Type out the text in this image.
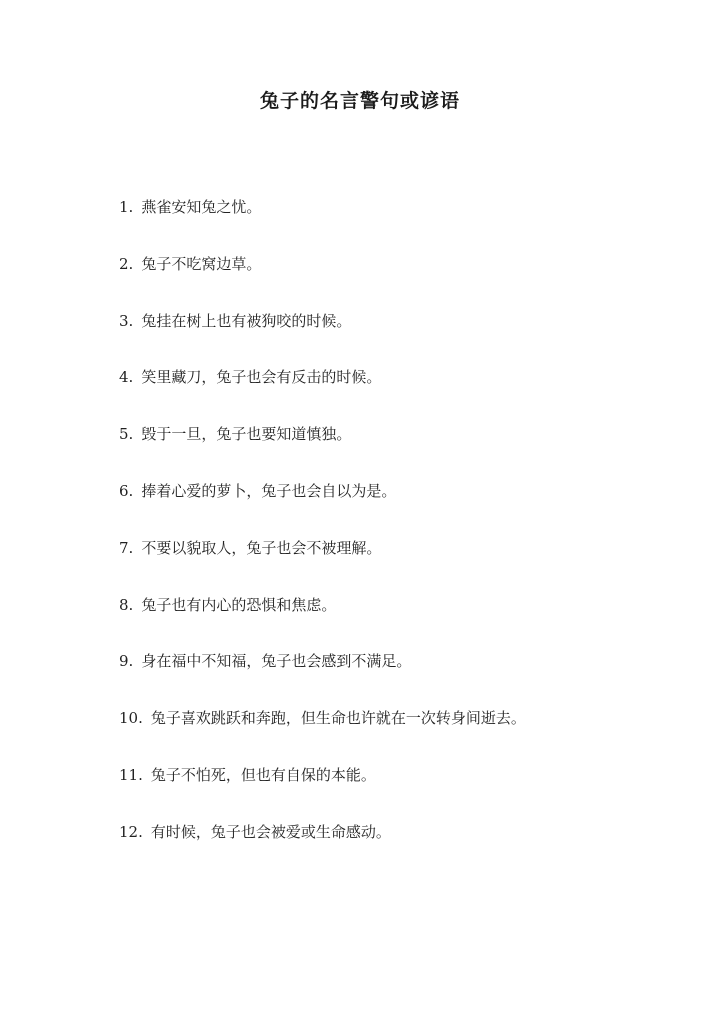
兔子的名言警句或谚语
1. 燕雀安知兔之忧。
2. 兔子不吃窝边草。
3. 兔挂在树上也有被狗咬的时候。
4. 笑里藏刀，兔子也会有反击的时候。
5. 毁于一旦，兔子也要知道慎独。
6. 捧着心爱的萝卜，兔子也会自以为是。
7. 不要以貌取人，兔子也会不被理解。
8. 兔子也有内心的恐惧和焦虑。
9. 身在福中不知福，兔子也会感到不满足。
10. 兔子喜欢跳跃和奔跑，但生命也许就在一次转身间逝去。
11. 兔子不怕死，但也有自保的本能。
12. 有时候，兔子也会被爱或生命感动。
